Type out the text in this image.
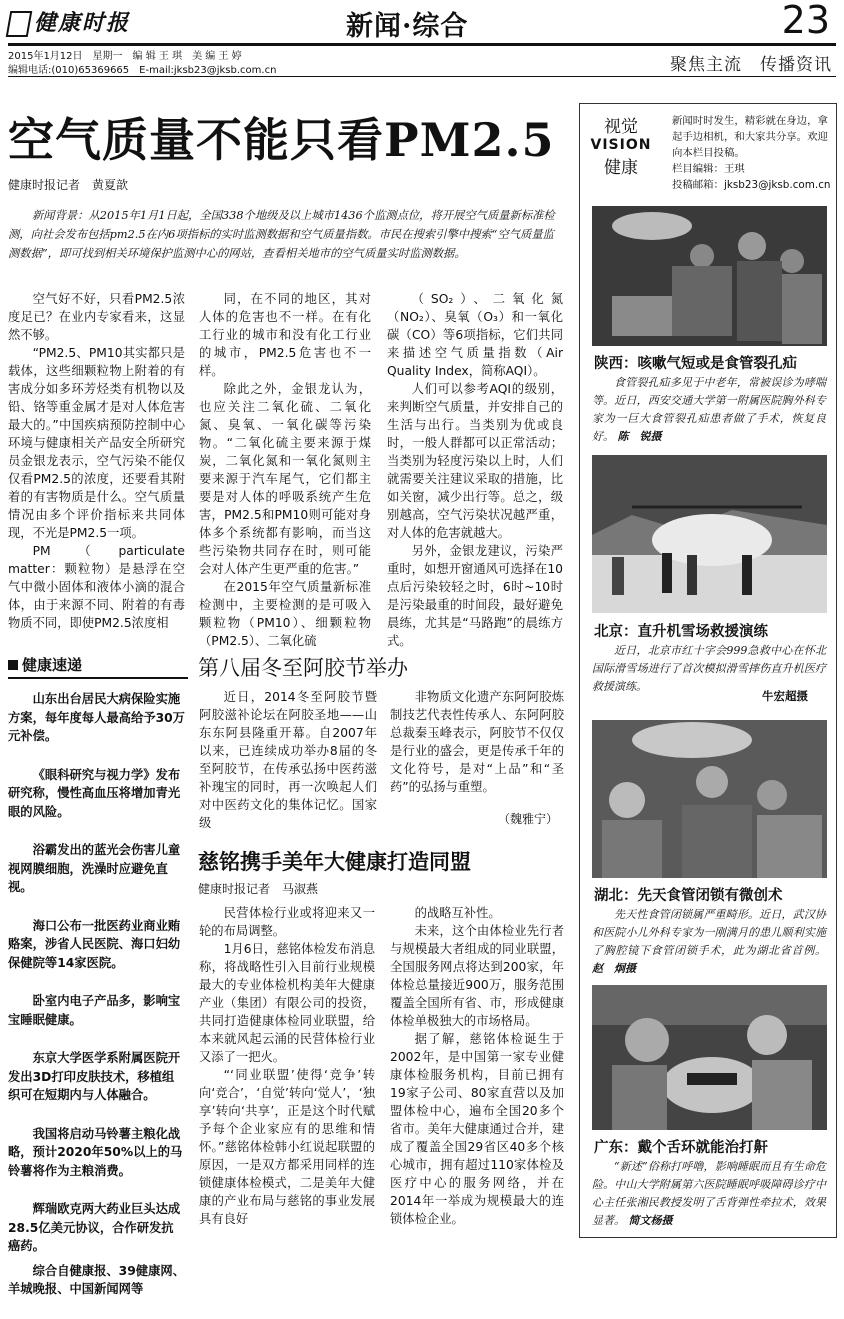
健康时报	新闻·综合	23
2015年1月12日　星期一　编 辑 王 琪　美 编 王 婷
编辑电话:(010)65369665　E-mail:jksb23@jksb.com.cn	聚焦主流　传播资讯
空气质量不能只看PM2.5
健康时报记者　黄夏歆
新闻背景：从2015年1月1日起，全国338个地级及以上城市1436个监测点位，将开展空气质量新标准检测，向社会发布包括pm2.5在内6项指标的实时监测数据和空气质量指数。市民在搜索引擎中搜索“空气质量监测数据”，即可找到相关环境保护监测中心的网站，查看相关地市的空气质量实时监测数据。

空气好不好，只看PM2.5浓度足已？在业内专家看来，这显然不够。

“PM2.5、PM10其实都只是载体，这些细颗粒物上附着的有害成分如多环芳烃类有机物以及铅、铬等重金属才是对人体危害最大的。”中国疾病预防控制中心环境与健康相关产品安全所研究员金银龙表示，空气污染不能仅仅看PM2.5的浓度，还要看其附着的有害物质是什么。空气质量情况由多个评价指标来共同体现，不光是PM2.5一项。

PM（particulate matter：颗粒物）是悬浮在空气中微小固体和液体小滴的混合体，由于来源不同、附着的有毒物质不同，即使PM2.5浓度相

同，在不同的地区，其对人体的危害也不一样。在有化工行业的城市和没有化工行业的城市，PM2.5危害也不一样。

除此之外，金银龙认为，也应关注二氧化硫、二氧化氮、臭氧、一氧化碳等污染物。“二氧化硫主要来源于煤炭，二氧化氮和一氧化氮则主要来源于汽车尾气，它们都主要是对人体的呼吸系统产生危害，PM2.5和PM10则可能对身体多个系统都有影响，而当这些污染物共同存在时，则可能会对人体产生更严重的危害。”

在2015年空气质量新标准检测中，主要检测的是可吸入颗粒物（PM10）、细颗粒物（PM2.5）、二氧化硫

（SO₂）、二氧化氮（NO₂）、臭氧（O₃）和一氧化碳（CO）等6项指标，它们共同来描述空气质量指数（Air Quality Index，简称AQI）。

人们可以参考AQI的级别，来判断空气质量，并安排自己的生活与出行。当类别为优或良时，一般人群都可以正常活动；当类别为轻度污染以上时，人们就需要关注建议采取的措施，比如关窗，减少出行等。总之，级别越高，空气污染状况越严重，对人体的危害就越大。

另外，金银龙建议，污染严重时，如想开窗通风可选择在10点后污染较轻之时，6时~10时是污染最重的时间段，最好避免晨练，尤其是“马路跑”的晨练方式。

健康速递

山东出台居民大病保险实施方案，每年度每人最高给予30万元补偿。

《眼科研究与视力学》发布研究称，慢性高血压将增加青光眼的风险。

浴霸发出的蓝光会伤害儿童视网膜细胞，洗澡时应避免直视。

海口公布一批医药业商业贿赂案，涉省人民医院、海口妇幼保健院等14家医院。

卧室内电子产品多，影响宝宝睡眠健康。

东京大学医学系附属医院开发出3D打印皮肤技术，移植组织可在短期内与人体融合。

我国将启动马铃薯主粮化战略，预计2020年50%以上的马铃薯将作为主粮消费。

辉瑞欧克两大药业巨头达成28.5亿美元协议，合作研发抗癌药。

综合自健康报、39健康网、羊城晚报、中国新闻网等

第八届冬至阿胶节举办

近日，2014冬至阿胶节暨阿胶滋补论坛在阿胶圣地——山东东阿县隆重开幕。自2007年以来，已连续成功举办8届的冬至阿胶节，在传承弘扬中医药滋补瑰宝的同时，再一次唤起人们对中医药文化的集体记忆。国家级

非物质文化遗产东阿阿胶炼制技艺代表性传承人、东阿阿胶总裁秦玉峰表示，阿胶节不仅仅是行业的盛会，更是传承千年的文化符号，是对“上品”和“圣药”的弘扬与重塑。

（魏雅宁）
慈铭携手美年大健康打造同盟
健康时报记者　马淑燕

民营体检行业或将迎来又一轮的布局调整。

1月6日，慈铭体检发布消息称，将战略性引入目前行业规模最大的专业体检机构美年大健康产业（集团）有限公司的投资，共同打造健康体检同业联盟，给本来就风起云涌的民营体检行业又添了一把火。

“‘同业联盟’使得‘竞争’转向‘竞合’，‘自觉’转向‘觉人’，‘独享’转向‘共享’，正是这个时代赋予每个企业家应有的思维和情怀。”慈铭体检韩小红说起联盟的原因，一是双方都采用同样的连锁健康体检模式，二是美年大健康的产业布局与慈铭的事业发展具有良好

的战略互补性。

未来，这个由体检业先行者与规模最大者组成的同业联盟，全国服务网点将达到200家，年体检总量接近900万，服务范围覆盖全国所有省、市，形成健康体检单极独大的市场格局。

据了解，慈铭体检诞生于2002年，是中国第一家专业健康体检服务机构，目前已拥有19家子公司、80家直营以及加盟体检中心，遍布全国20多个省市。美年大健康通过合并，建成了覆盖全国29省区40多个核心城市，拥有超过110家体检及医疗中心的服务网络，并在2014年一举成为规模最大的连锁体检企业。

视觉
VISION
健康
新闻时时发生，精彩就在身边，拿起手边相机，和大家共分享。欢迎向本栏目投稿。
栏目编辑：王琪
投稿邮箱：jksb23@jksb.com.cn
陕西：咳嗽气短或是食管裂孔疝
食管裂孔疝多见于中老年，常被误诊为哮喘等。近日，西安交通大学第一附属医院胸外科专家为一巨大食管裂孔疝患者做了手术，恢复良好。 陈　锐摄
北京：直升机雪场救援演练
近日，北京市红十字会999急救中心在怀北国际滑雪场进行了首次模拟滑雪摔伤直升机医疗救援演练。
牛宏超摄
湖北：先天食管闭锁有微创术
先天性食管闭锁属严重畸形。近日，武汉协和医院小儿外科专家为一刚满月的患儿顺利实施了胸腔镜下食管闭锁手术，此为湖北省首例。 赵　炯摄
广东：戴个舌环就能治打鼾
“新述”俗称打呼噜，影响睡眠而且有生命危险。中山大学附属第六医院睡眠呼吸障碍诊疗中心主任张湘民教授发明了舌背弹性牵拉术，效果显著。 简文杨摄
